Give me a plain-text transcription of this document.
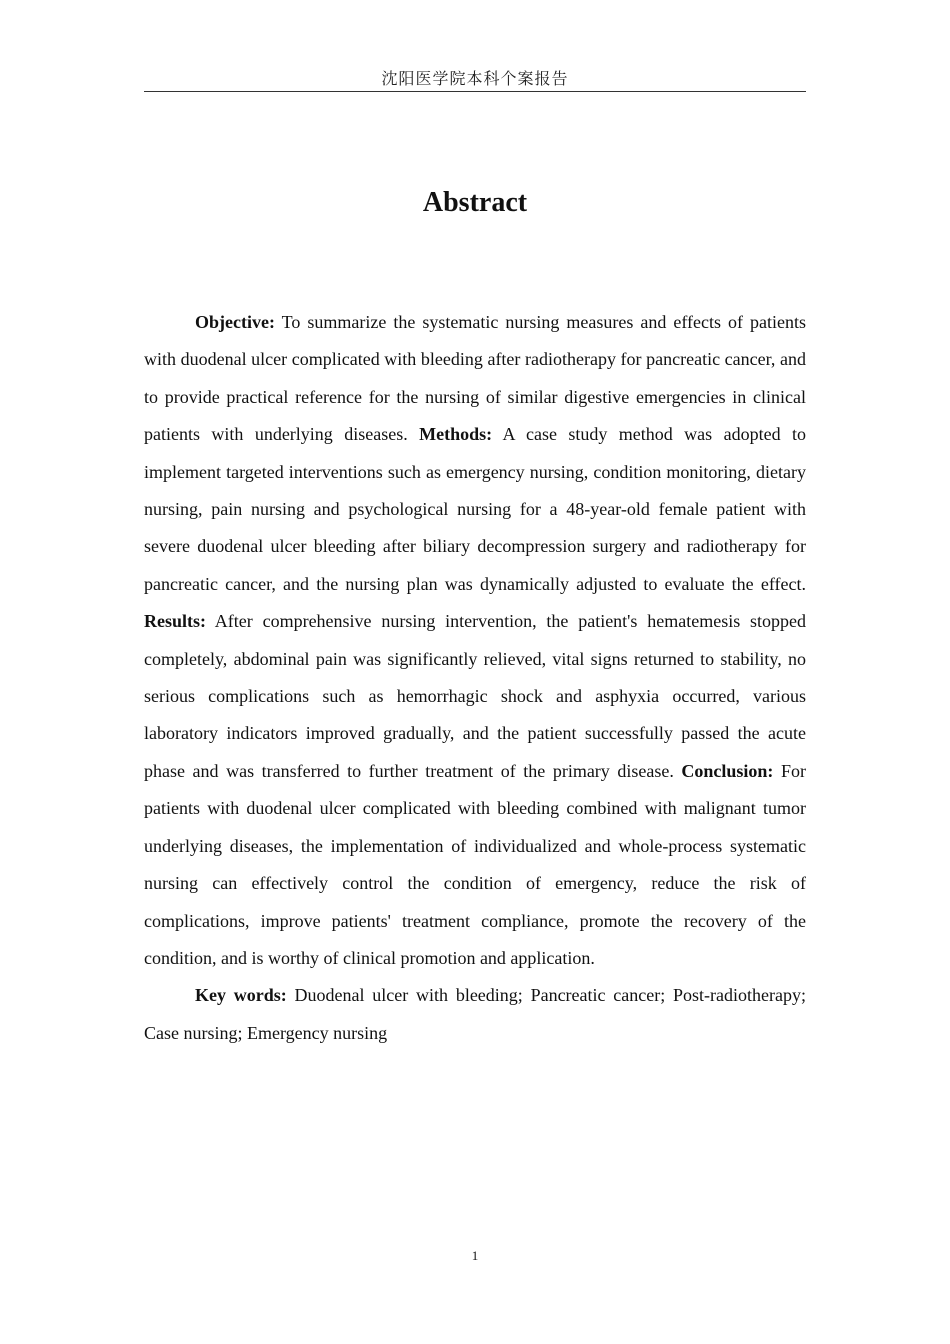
沈阳医学院本科个案报告
Abstract

Objective: To summarize the systematic nursing measures and effects of patients with duodenal ulcer complicated with bleeding after radiotherapy for pancreatic cancer, and to provide practical reference for the nursing of similar digestive emergencies in clinical patients with underlying diseases. Methods: A case study method was adopted to implement targeted interventions such as emergency nursing, condition monitoring, dietary nursing, pain nursing and psychological nursing for a 48-year-old female patient with severe duodenal ulcer bleeding after biliary decompression surgery and radiotherapy for pancreatic cancer, and the nursing plan was dynamically adjusted to evaluate the effect. Results: After comprehensive nursing intervention, the patient's hematemesis stopped completely, abdominal pain was significantly relieved, vital signs returned to stability, no serious complications such as hemorrhagic shock and asphyxia occurred, various laboratory indicators improved gradually, and the patient successfully passed the acute phase and was transferred to further treatment of the primary disease. Conclusion: For patients with duodenal ulcer complicated with bleeding combined with malignant tumor underlying diseases, the implementation of individualized and whole-process systematic nursing can effectively control the condition of emergency, reduce the risk of complications, improve patients' treatment compliance, promote the recovery of the condition, and is worthy of clinical promotion and application.

Key words: Duodenal ulcer with bleeding; Pancreatic cancer; Post-radiotherapy; Case nursing; Emergency nursing

1
